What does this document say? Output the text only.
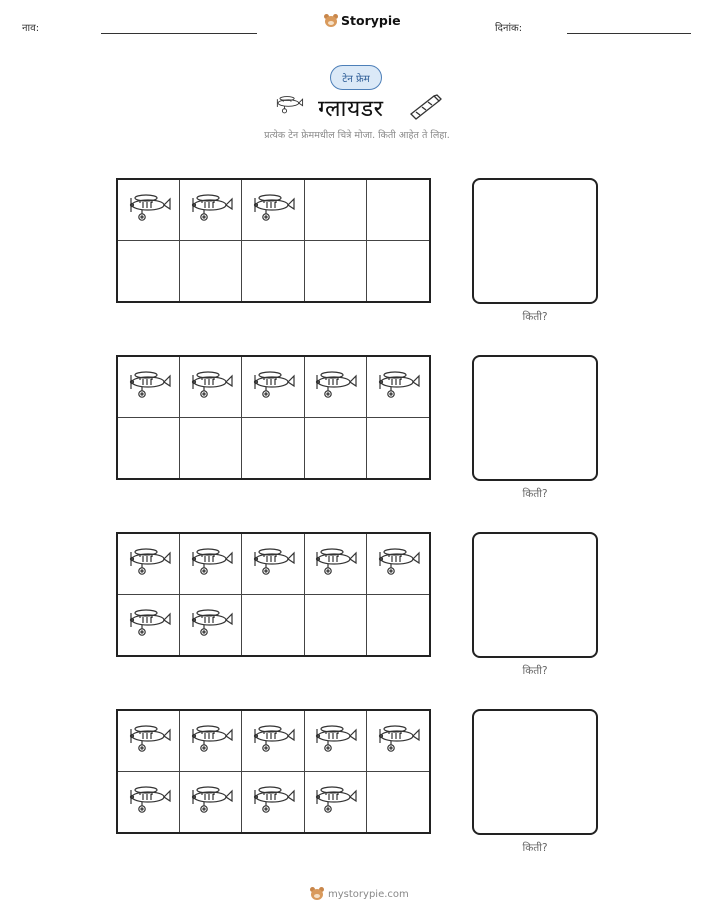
नाव:
Storypie
दिनांक:
टेन फ्रेम
ग्लायडर
प्रत्येक टेन फ्रेममधील चित्रे मोजा. किती आहेत ते लिहा.
किती?
किती?
किती?
किती?
mystorypie.com
